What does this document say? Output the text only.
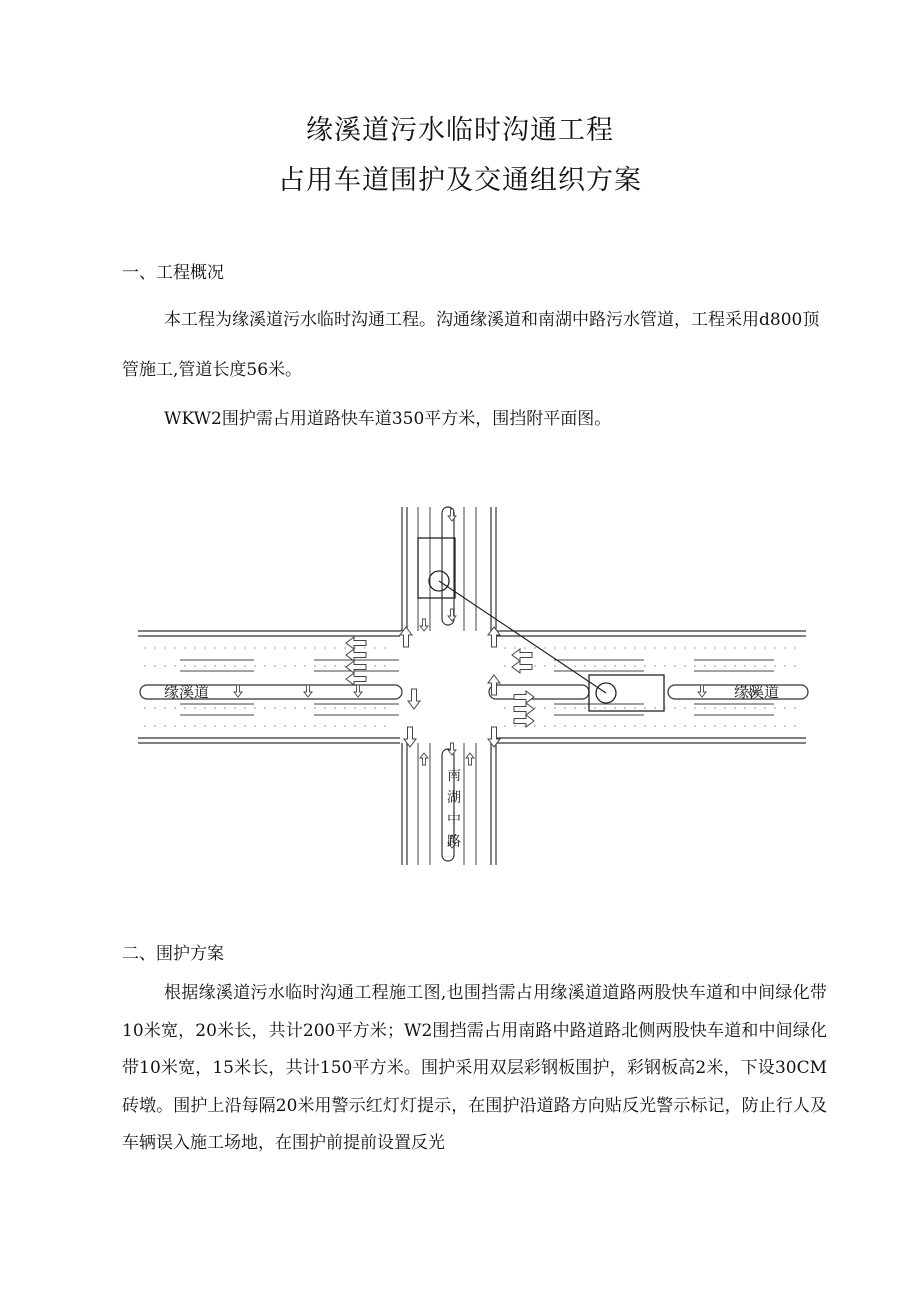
缘溪道污水临时沟通工程
占用车道围护及交通组织方案
一、工程概况
本工程为缘溪道污水临时沟通工程。沟通缘溪道和南湖中路污水管道，工程采用d800顶管施工,管道长度56米。
WKW2围护需占用道路快车道350平方米，围挡附平面图。
缘溪道	缘溪道
南
湖
中
路
二、围护方案
根据缘溪道污水临时沟通工程施工图,也围挡需占用缘溪道道路两股快车道和中间绿化带10米宽，20米长，共计200平方米；W2围挡需占用南路中路道路北侧两股快车道和中间绿化带10米宽，15米长，共计150平方米。围护采用双层彩钢板围护，彩钢板高2米，下设30CM砖墩。围护上沿每隔20米用警示红灯灯提示，在围护沿道路方向贴反光警示标记，防止行人及车辆误入施工场地，在围护前提前设置反光
